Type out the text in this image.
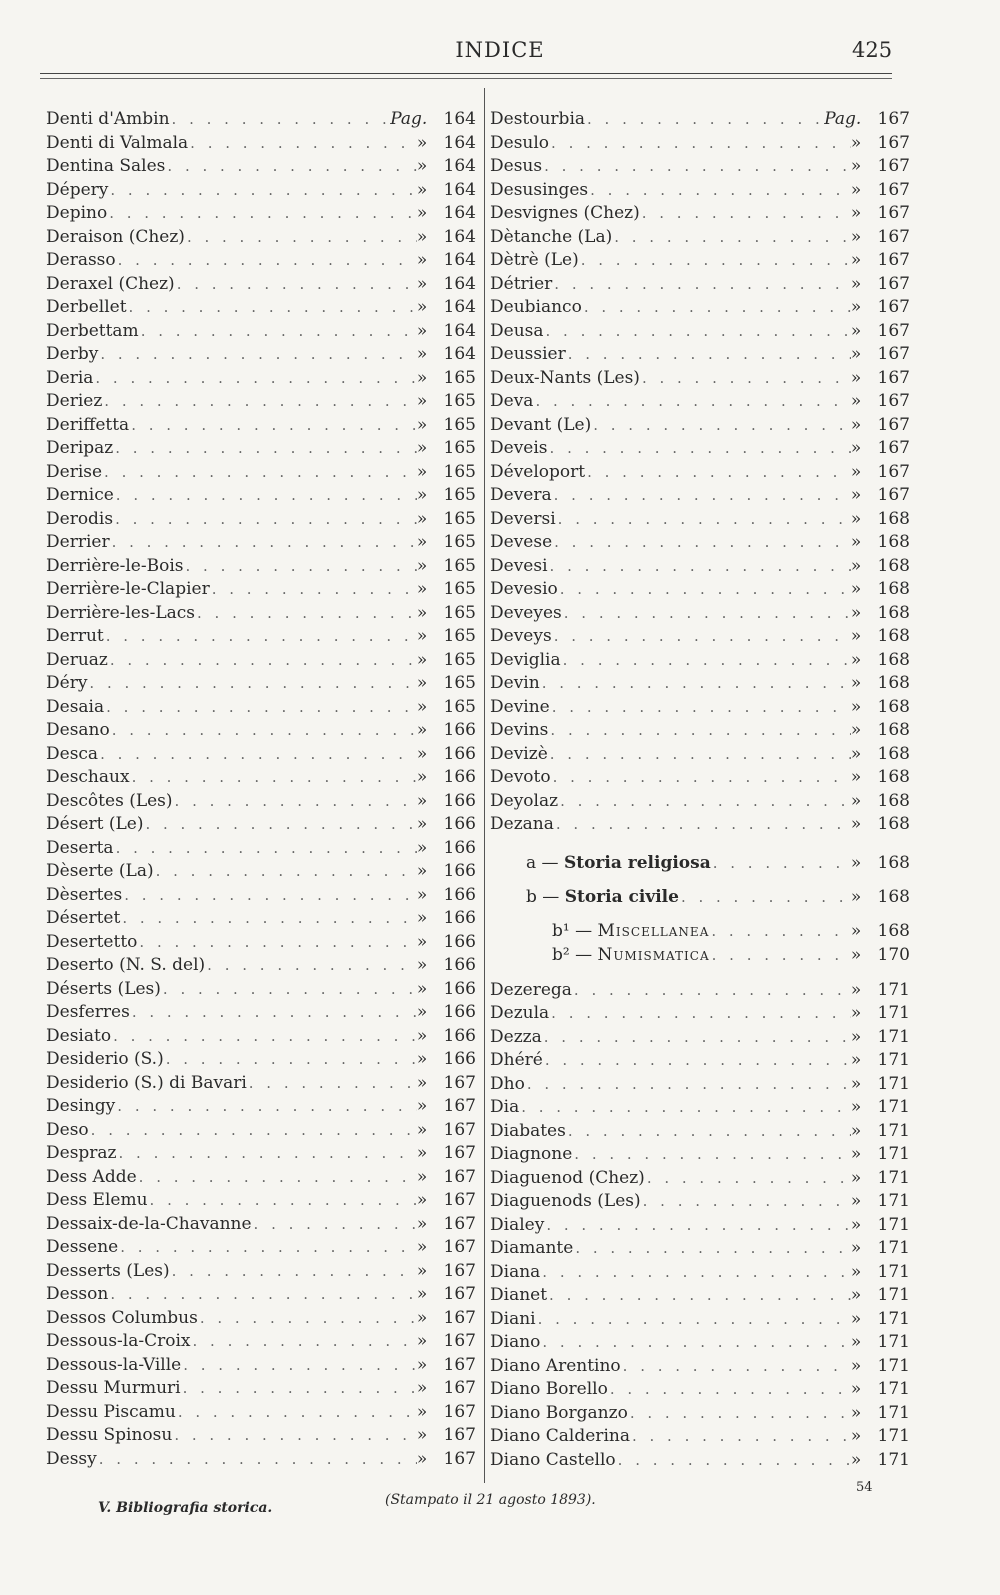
INDICE	425
Denti d'Ambin . . .	Pag. 164
Denti di Valmala . . .	» 164
Dentina Sales . . .	» 164
Dépery . . .	» 164
Depino . . .	» 164
Deraison (Chez) . . .	» 164
Derasso . . .	» 164
Deraxel (Chez) . . .	» 164
Derbellet . . .	» 164
Derbettam . . .	» 164
Derby . . .	» 164
Deria . . .	» 165
Deriez . . .	» 165
Deriffetta . . .	» 165
Deripaz . . .	» 165
Derise . . .	» 165
Dernice . . .	» 165
Derodis . . .	» 165
Derrier . . .	» 165
Derrière-le-Bois . . .	» 165
Derrière-le-Clapier . . .	» 165
Derrière-les-Lacs . . .	» 165
Derrut . . .	» 165
Deruaz . . .	» 165
Déry . . .	» 165
Desaia . . .	» 165
Desano . . .	» 166
Desca . . .	» 166
Deschaux . . .	» 166
Descôtes (Les) . . .	» 166
Désert (Le) . . .	» 166
Deserta . . .	» 166
Dèserte (La) . . .	» 166
Dèsertes . . .	» 166
Désertet . . .	» 166
Desertetto . . .	» 166
Deserto (N. S. del) . . .	» 166
Déserts (Les) . . .	» 166
Desferres . . .	» 166
Desiato . . .	» 166
Desiderio (S.) . . .	» 166
Desiderio (S.) di Bavari . . .	» 167
Desingy . . .	» 167
Deso . . .	» 167
Despraz . . .	» 167
Dess Adde . . .	» 167
Dess Elemu . . .	» 167
Dessaix-de-la-Chavanne . . .	» 167
Dessene . . .	» 167
Desserts (Les) . . .	» 167
Desson . . .	» 167
Dessos Columbus . . .	» 167
Dessous-la-Croix . . .	» 167
Dessous-la-Ville . . .	» 167
Dessu Murmuri . . .	» 167
Dessu Piscamu . . .	» 167
Dessu Spinosu . . .	» 167
Dessy . . .	» 167
Destourbia . . .	Pag. 167
Desulo . . .	» 167
Desus . . .	» 167
Desusinges . . .	» 167
Desvignes (Chez) . . .	» 167
Dètanche (La) . . .	» 167
Dètrè (Le) . . .	» 167
Détrier . . .	» 167
Deubianco . . .	» 167
Deusa . . .	» 167
Deussier . . .	» 167
Deux-Nants (Les) . . .	» 167
Deva . . .	» 167
Devant (Le) . . .	» 167
Deveis . . .	» 167
Déveloport . . .	» 167
Devera . . .	» 167
Deversi . . .	» 168
Devese . . .	» 168
Devesi . . .	» 168
Devesio . . .	» 168
Deveyes . . .	» 168
Deveys . . .	» 168
Deviglia . . .	» 168
Devin . . .	» 168
Devine . . .	» 168
Devins . . .	» 168
Devizè . . .	» 168
Devoto . . .	» 168
Deyolaz . . .	» 168
Dezana . . .	» 168
a — Storia religiosa . . .	» 168
b — Storia civile . . .	» 168
b¹ — Miscellanea . . .	» 168
b² — Numismatica . . .	» 170
Dezerega . . .	» 171
Dezula . . .	» 171
Dezza . . .	» 171
Dhéré . . .	» 171
Dho . . .	» 171
Dia . . .	» 171
Diabates . . .	» 171
Diagnone . . .	» 171
Diaguenod (Chez) . . .	» 171
Diaguenods (Les) . . .	» 171
Dialey . . .	» 171
Diamante . . .	» 171
Diana . . .	» 171
Dianet . . .	» 171
Diani . . .	» 171
Diano . . .	» 171
Diano Arentino . . .	» 171
Diano Borello . . .	» 171
Diano Borganzo . . .	» 171
Diano Calderina . . .	» 171
Diano Castello . . .	» 171
V. Bibliografia storica.	(Stampato il 21 agosto 1893).
54
